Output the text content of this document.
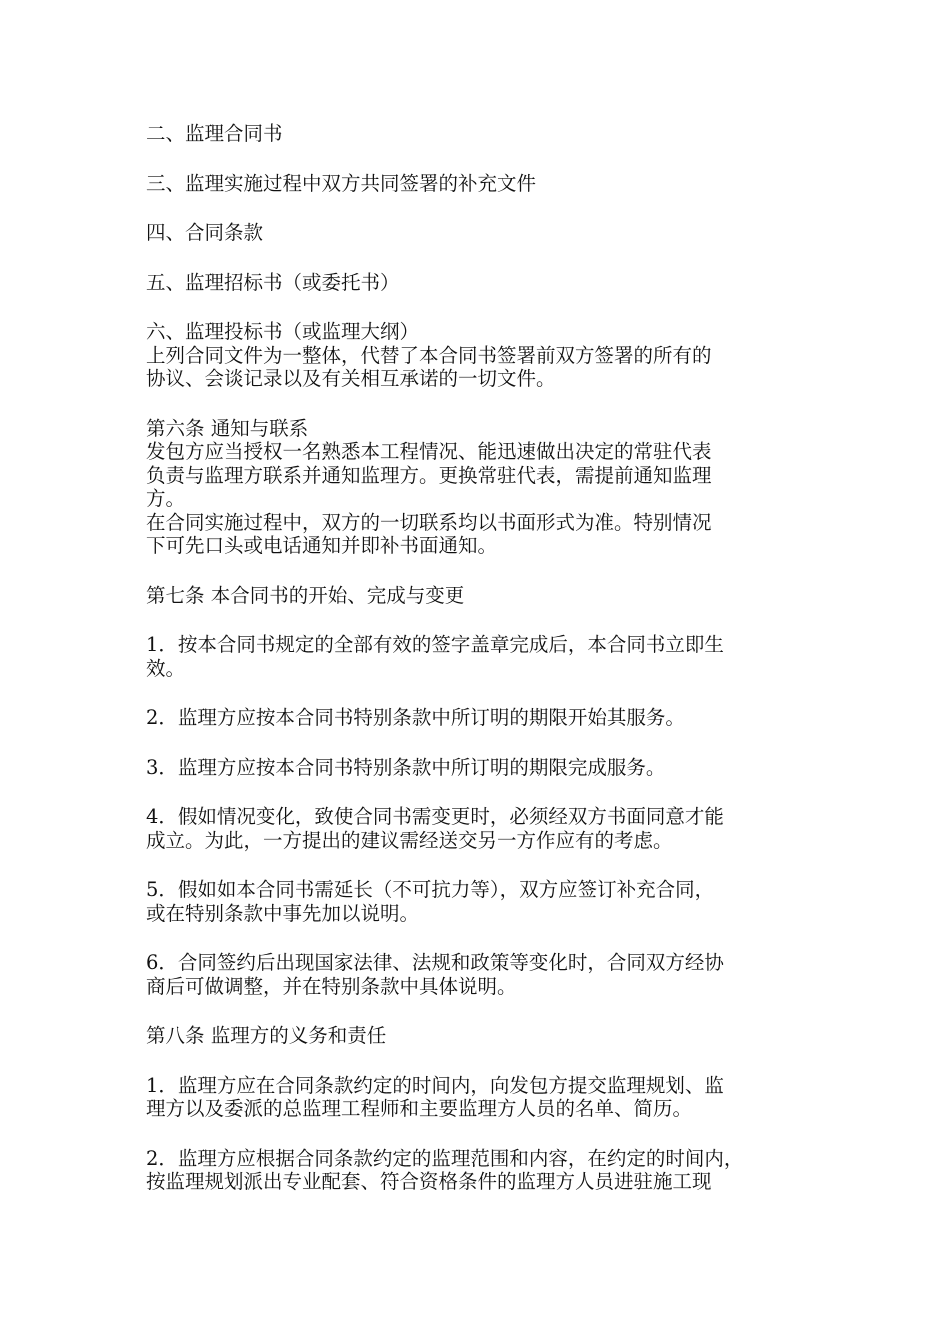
二、监理合同书

三、监理实施过程中双方共同签署的补充文件

四、合同条款

五、监理招标书（或委托书）

六、监理投标书（或监理大纲）
上列合同文件为一整体，代替了本合同书签署前双方签署的所有的
协议、会谈记录以及有关相互承诺的一切文件。

第六条 通知与联系
发包方应当授权一名熟悉本工程情况、能迅速做出决定的常驻代表
负责与监理方联系并通知监理方。更换常驻代表，需提前通知监理
方。
在合同实施过程中，双方的一切联系均以书面形式为准。特别情况
下可先口头或电话通知并即补书面通知。

第七条 本合同书的开始、完成与变更

1．按本合同书规定的全部有效的签字盖章完成后，本合同书立即生
效。

2．监理方应按本合同书特别条款中所订明的期限开始其服务。

3．监理方应按本合同书特别条款中所订明的期限完成服务。

4．假如情况变化，致使合同书需变更时，必须经双方书面同意才能
成立。为此，一方提出的建议需经送交另一方作应有的考虑。

5．假如如本合同书需延长（不可抗力等），双方应签订补充合同，
或在特别条款中事先加以说明。

6．合同签约后出现国家法律、法规和政策等变化时，合同双方经协
商后可做调整，并在特别条款中具体说明。

第八条 监理方的义务和责任

1．监理方应在合同条款约定的时间内，向发包方提交监理规划、监
理方以及委派的总监理工程师和主要监理方人员的名单、简历。

2．监理方应根据合同条款约定的监理范围和内容，在约定的时间内，
按监理规划派出专业配套、符合资格条件的监理方人员进驻施工现
